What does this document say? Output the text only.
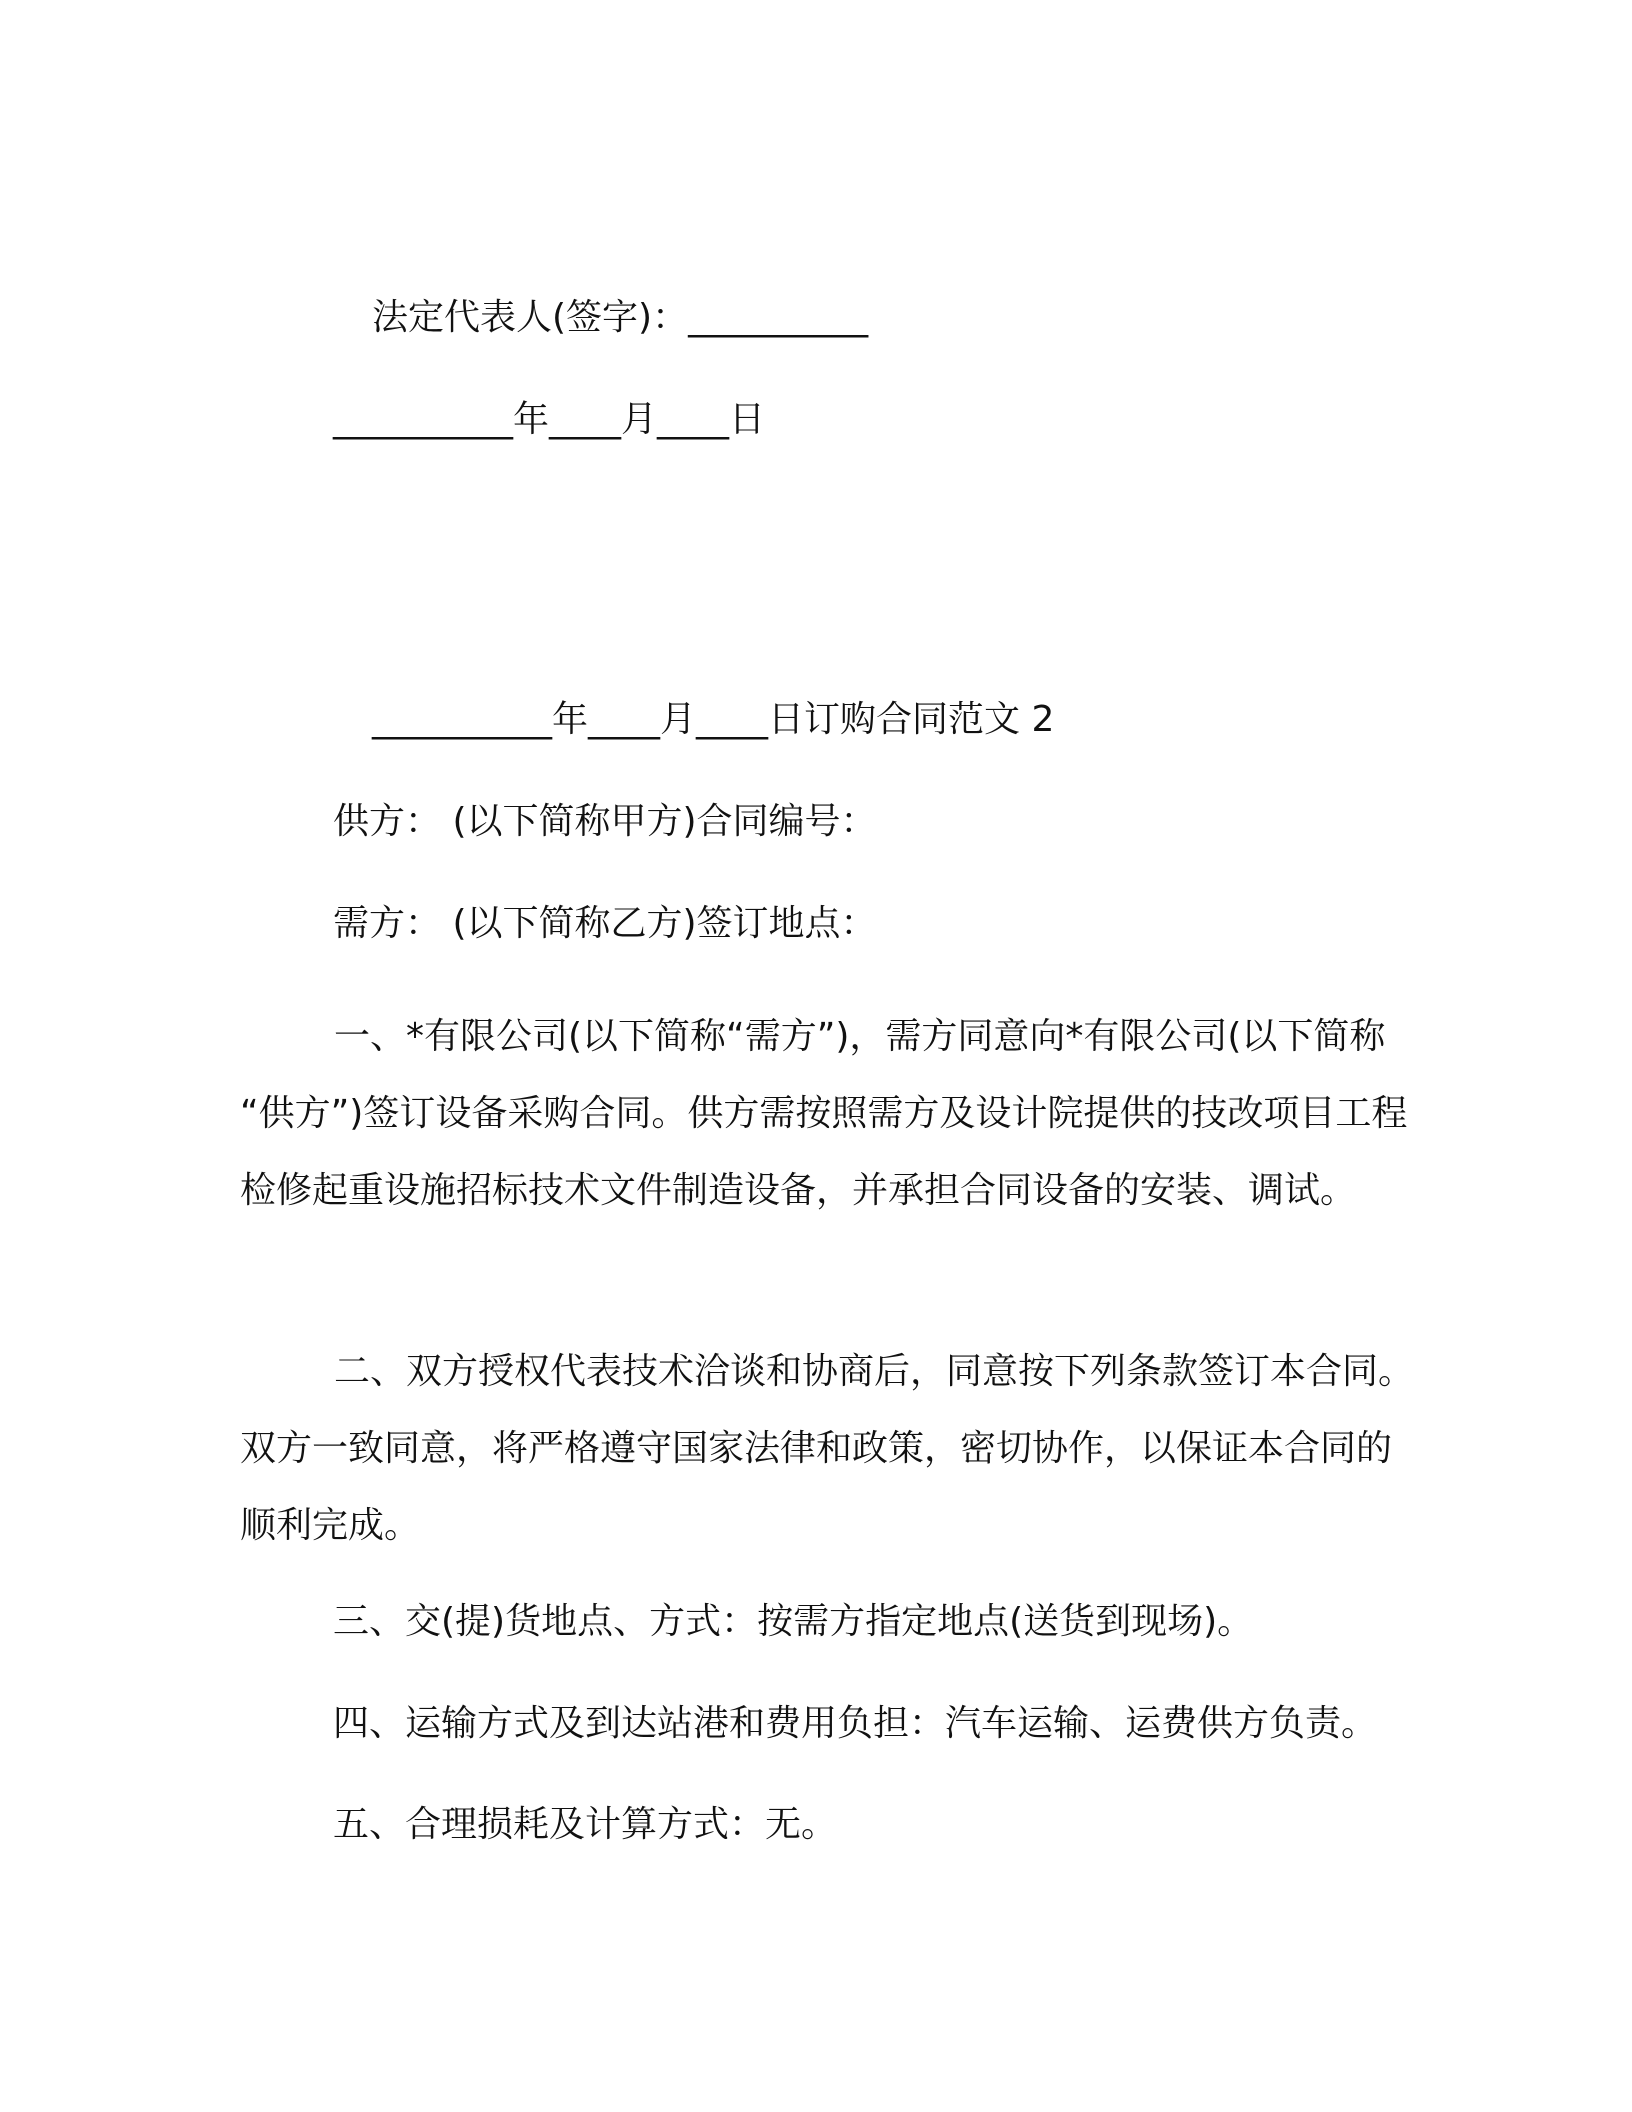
法定代表人(签字)：__________
__________年____月____日
__________年____月____日订购合同范文 2
供方： (以下简称甲方)合同编号：
需方： (以下简称乙方)签订地点：
一、*有限公司(以下简称“需方”)，需方同意向*有限公司(以下简称 “供方”)签订设备采购合同。供方需按照需方及设计院提供的技改项目工程检修起重设施招标技术文件制造设备，并承担合同设备的安装、调试。
二、双方授权代表技术洽谈和协商后，同意按下列条款签订本合同。双方一致同意，将严格遵守国家法律和政策，密切协作，以保证本合同的顺利完成。
三、交(提)货地点、方式：按需方指定地点(送货到现场)。
四、运输方式及到达站港和费用负担：汽车运输、运费供方负责。
五、合理损耗及计算方式：无。
